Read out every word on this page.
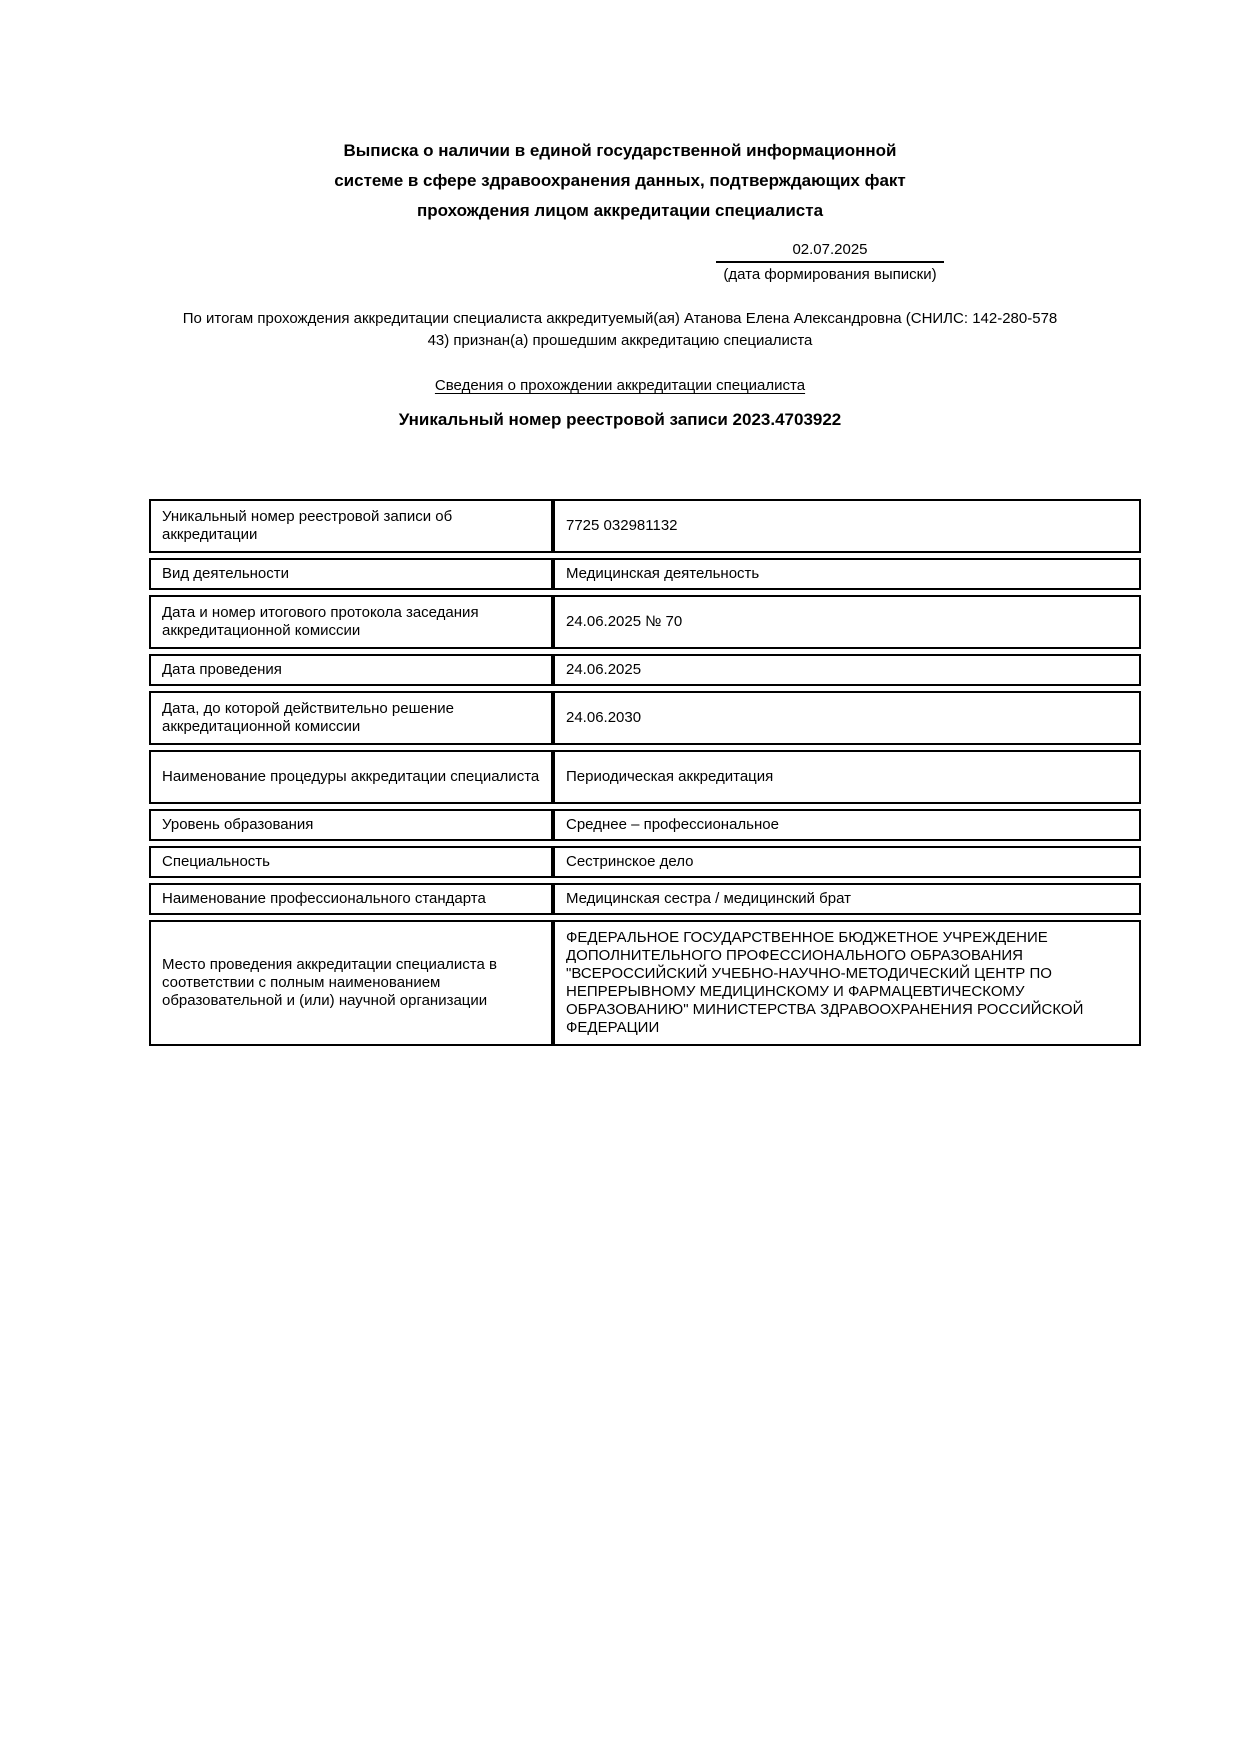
Выписка о наличии в единой государственной информационной
системе в сфере здравоохранения данных, подтверждающих факт
прохождения лицом аккредитации специалиста
02.07.2025
(дата формирования выписки)
По итогам прохождения аккредитации специалиста аккредитуемый(ая) Атанова Елена Александровна (СНИЛС: 142-280-578
43) признан(а) прошедшим аккредитацию специалиста
Сведения о прохождении аккредитации специалиста
Уникальный номер реестровой записи 2023.4703922
Уникальный номер реестровой записи об аккредитации	7725 032981132
Вид деятельности	Медицинская деятельность
Дата и номер итогового протокола заседания аккредитационной комиссии	24.06.2025 № 70
Дата проведения	24.06.2025
Дата, до которой действительно решение аккредитационной комиссии	24.06.2030
Наименование процедуры аккредитации специалиста	Периодическая аккредитация
Уровень образования	Среднее – профессиональное
Специальность	Сестринское дело
Наименование профессионального стандарта	Медицинская сестра / медицинский брат
Место проведения аккредитации специалиста в соответствии с полным наименованием образовательной и (или) научной организации	ФЕДЕРАЛЬНОЕ ГОСУДАРСТВЕННОЕ БЮДЖЕТНОЕ УЧРЕЖДЕНИЕ ДОПОЛНИТЕЛЬНОГО ПРОФЕССИОНАЛЬНОГО ОБРАЗОВАНИЯ "ВСЕРОССИЙСКИЙ УЧЕБНО-НАУЧНО-МЕТОДИЧЕСКИЙ ЦЕНТР ПО НЕПРЕРЫВНОМУ МЕДИЦИНСКОМУ И ФАРМАЦЕВТИЧЕСКОМУ ОБРАЗОВАНИЮ" МИНИСТЕРСТВА ЗДРАВООХРАНЕНИЯ РОССИЙСКОЙ ФЕДЕРАЦИИ
